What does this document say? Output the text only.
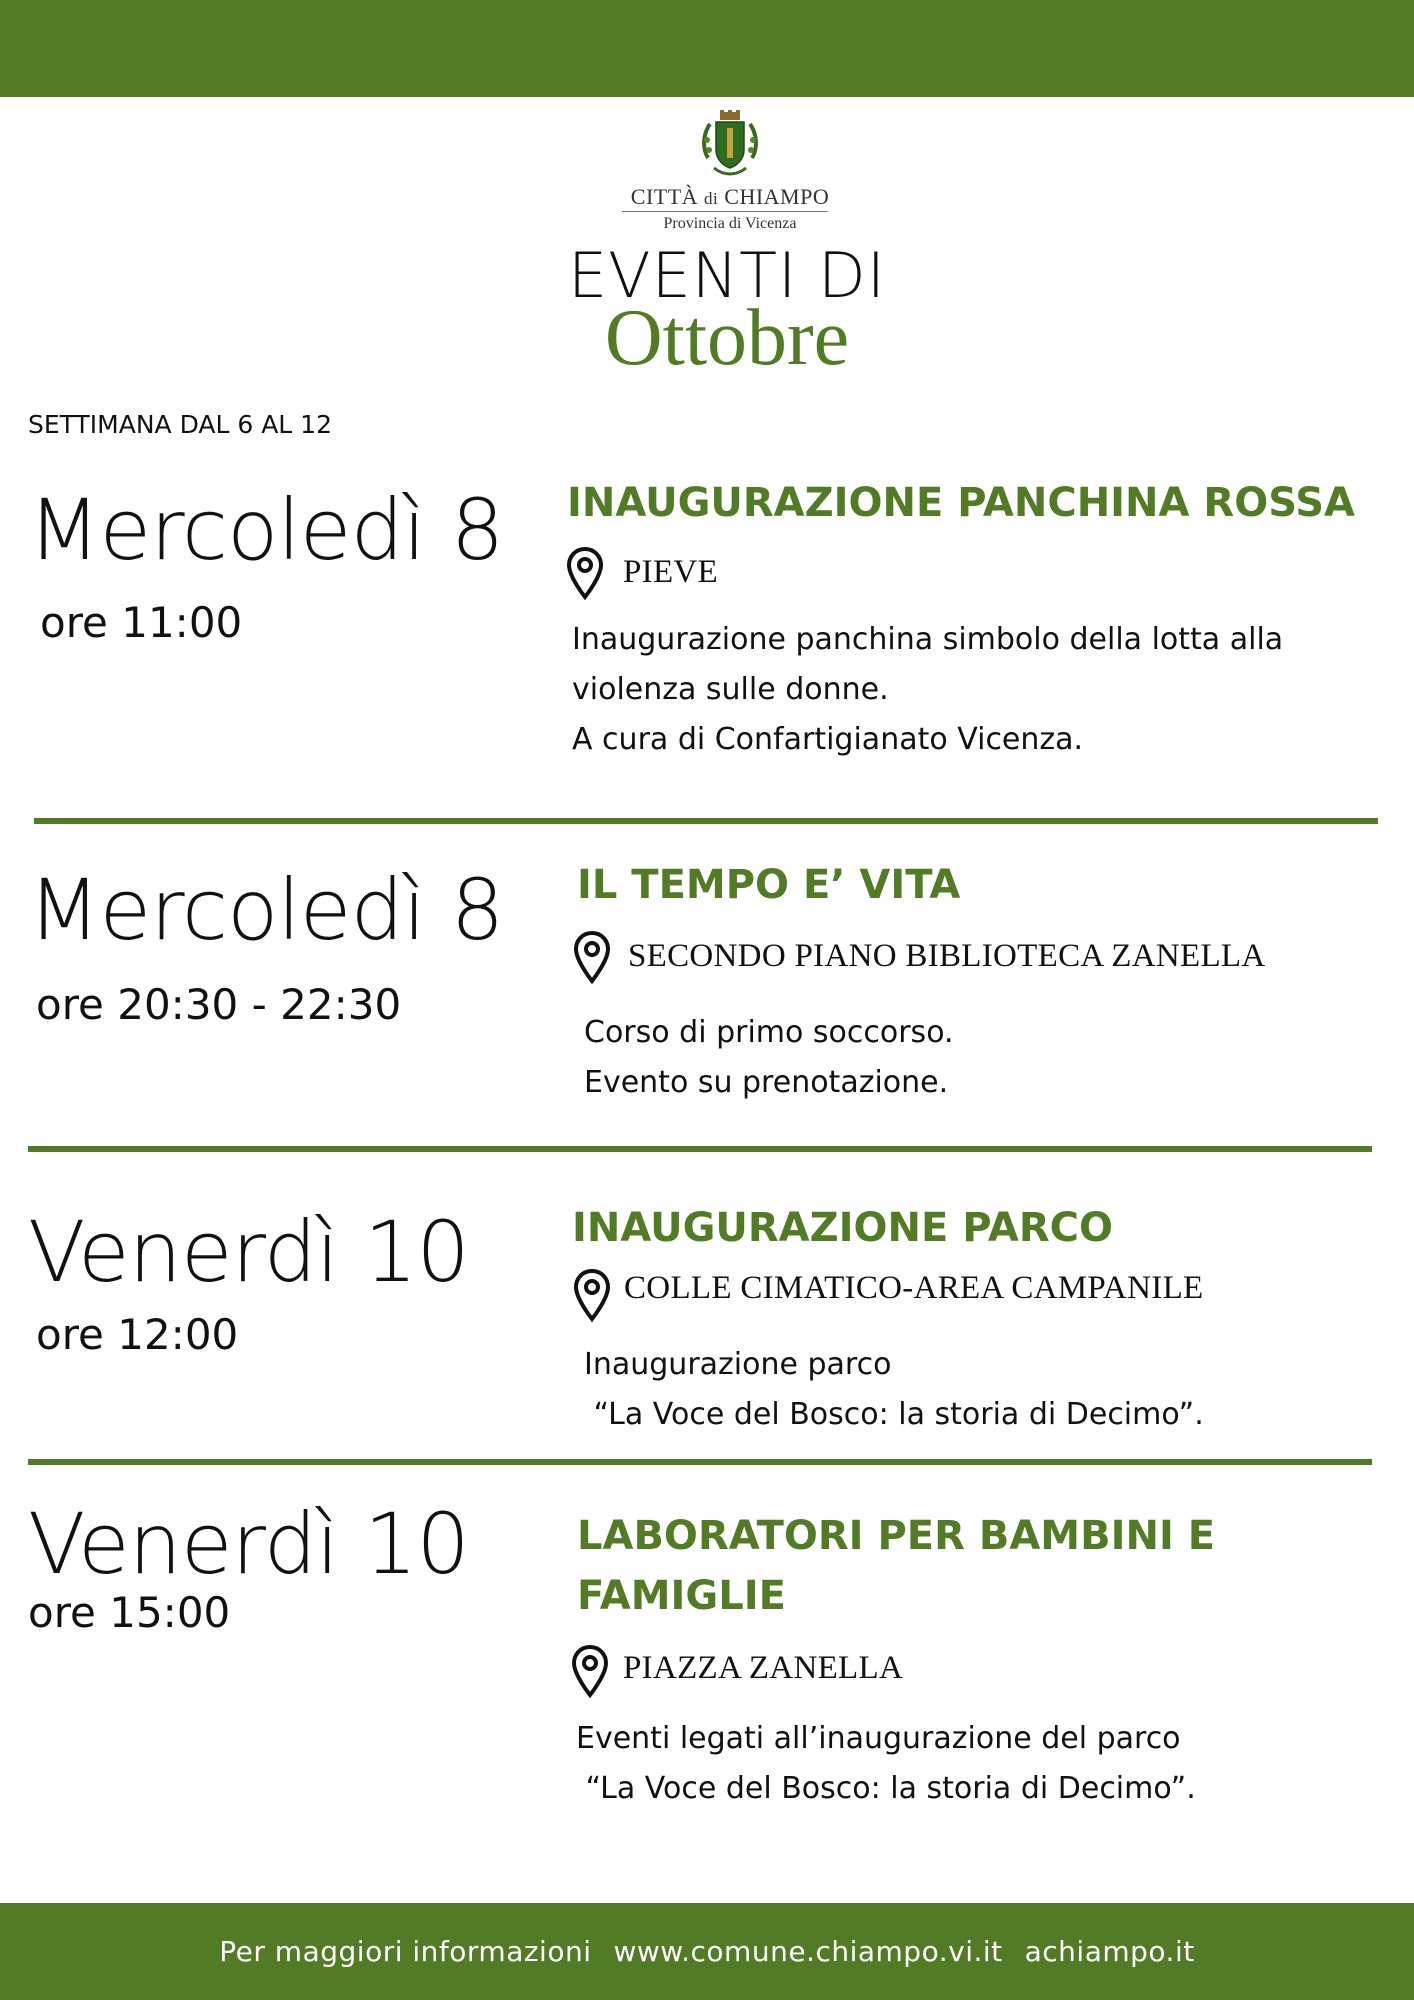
CITTÀ di CHIAMPO
Provincia di Vicenza
EVENTI DI
Ottobre
SETTIMANA DAL 6 AL 12
Mercoledì 8
ore 11:00
INAUGURAZIONE PANCHINA ROSSA
PIEVE
Inaugurazione panchina simbolo della lotta alla
violenza sulle donne.
A cura di Confartigianato Vicenza.
Mercoledì 8
ore 20:30 - 22:30
IL TEMPO E’ VITA
SECONDO PIANO BIBLIOTECA ZANELLA
Corso di primo soccorso.
Evento su prenotazione.
Venerdì 10
ore 12:00
INAUGURAZIONE PARCO
COLLE CIMATICO-AREA CAMPANILE
Inaugurazione parco
“La Voce del Bosco: la storia di Decimo”.
Venerdì 10
ore 15:00
LABORATORI PER BAMBINI E
FAMIGLIE
PIAZZA ZANELLA
Eventi legati all’inaugurazione del parco
“La Voce del Bosco: la storia di Decimo”.
Per maggiori informazioni www.comune.chiampo.vi.it achiampo.it
